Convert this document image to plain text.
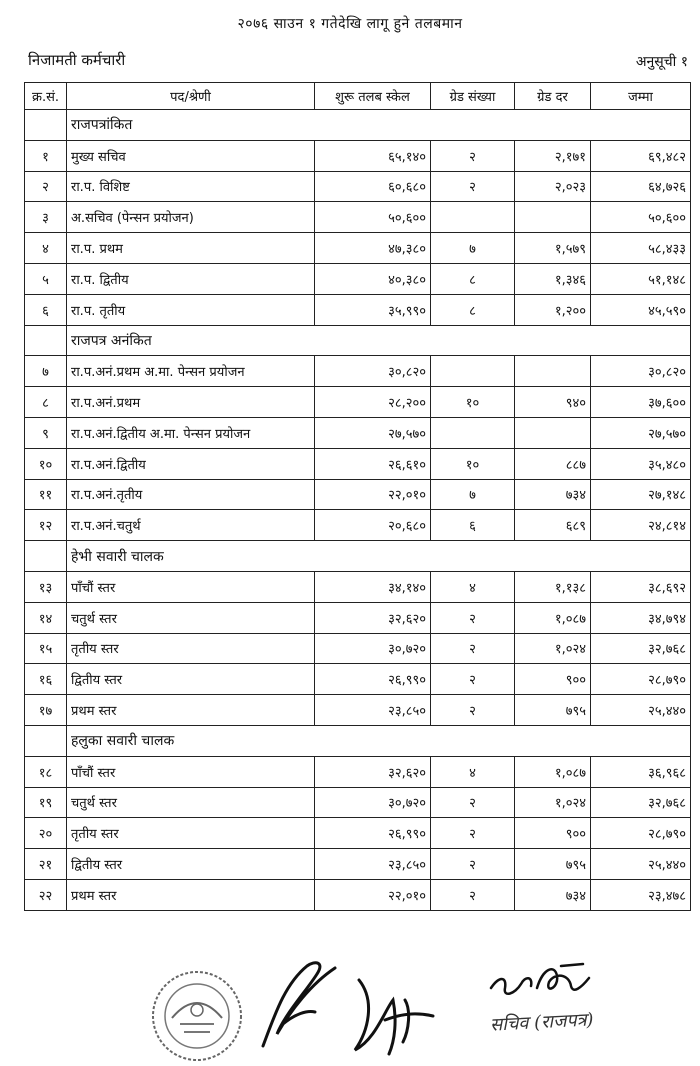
२०७६ साउन १ गतेदेखि लागू हुने तलबमान
निजामती कर्मचारी	अनुसूची १
क्र.सं.	पद/श्रेणी	शुरू तलब स्केल	ग्रेड संख्या	ग्रेड दर	जम्मा
	राजपत्रांकित				
१	मुख्य सचिव	६५,१४०	२	२,१७१	६९,४८२
२	रा.प. विशिष्ट	६०,६८०	२	२,०२३	६४,७२६
३	अ.सचिव (पेन्सन प्रयोजन)	५०,६००			५०,६००
४	रा.प. प्रथम	४७,३८०	७	१,५७९	५८,४३३
५	रा.प. द्वितीय	४०,३८०	८	१,३४६	५१,१४८
६	रा.प. तृतीय	३५,९९०	८	१,२००	४५,५९०
	राजपत्र अनंकित				
७	रा.प.अनं.प्रथम अ.मा. पेन्सन प्रयोजन	३०,८२०			३०,८२०
८	रा.प.अनं.प्रथम	२८,२००	१०	९४०	३७,६००
९	रा.प.अनं.द्वितीय अ.मा. पेन्सन प्रयोजन	२७,५७०			२७,५७०
१०	रा.प.अनं.द्वितीय	२६,६१०	१०	८८७	३५,४८०
११	रा.प.अनं.तृतीय	२२,०१०	७	७३४	२७,१४८
१२	रा.प.अनं.चतुर्थ	२०,६८०	६	६८९	२४,८१४
	हेभी सवारी चालक				
१३	पाँचौं स्तर	३४,१४०	४	१,१३८	३८,६९२
१४	चतुर्थ स्तर	३२,६२०	२	१,०८७	३४,७९४
१५	तृतीय स्तर	३०,७२०	२	१,०२४	३२,७६८
१६	द्वितीय स्तर	२६,९९०	२	९००	२८,७९०
१७	प्रथम स्तर	२३,८५०	२	७९५	२५,४४०
	हलुका सवारी चालक				
१८	पाँचौं स्तर	३२,६२०	४	१,०८७	३६,९६८
१९	चतुर्थ स्तर	३०,७२०	२	१,०२४	३२,७६८
२०	तृतीय स्तर	२६,९९०	२	९००	२८,७९०
२१	द्वितीय स्तर	२३,८५०	२	७९५	२५,४४०
२२	प्रथम स्तर	२२,०१०	२	७३४	२३,४७८
सचिव (राजपत्र)
